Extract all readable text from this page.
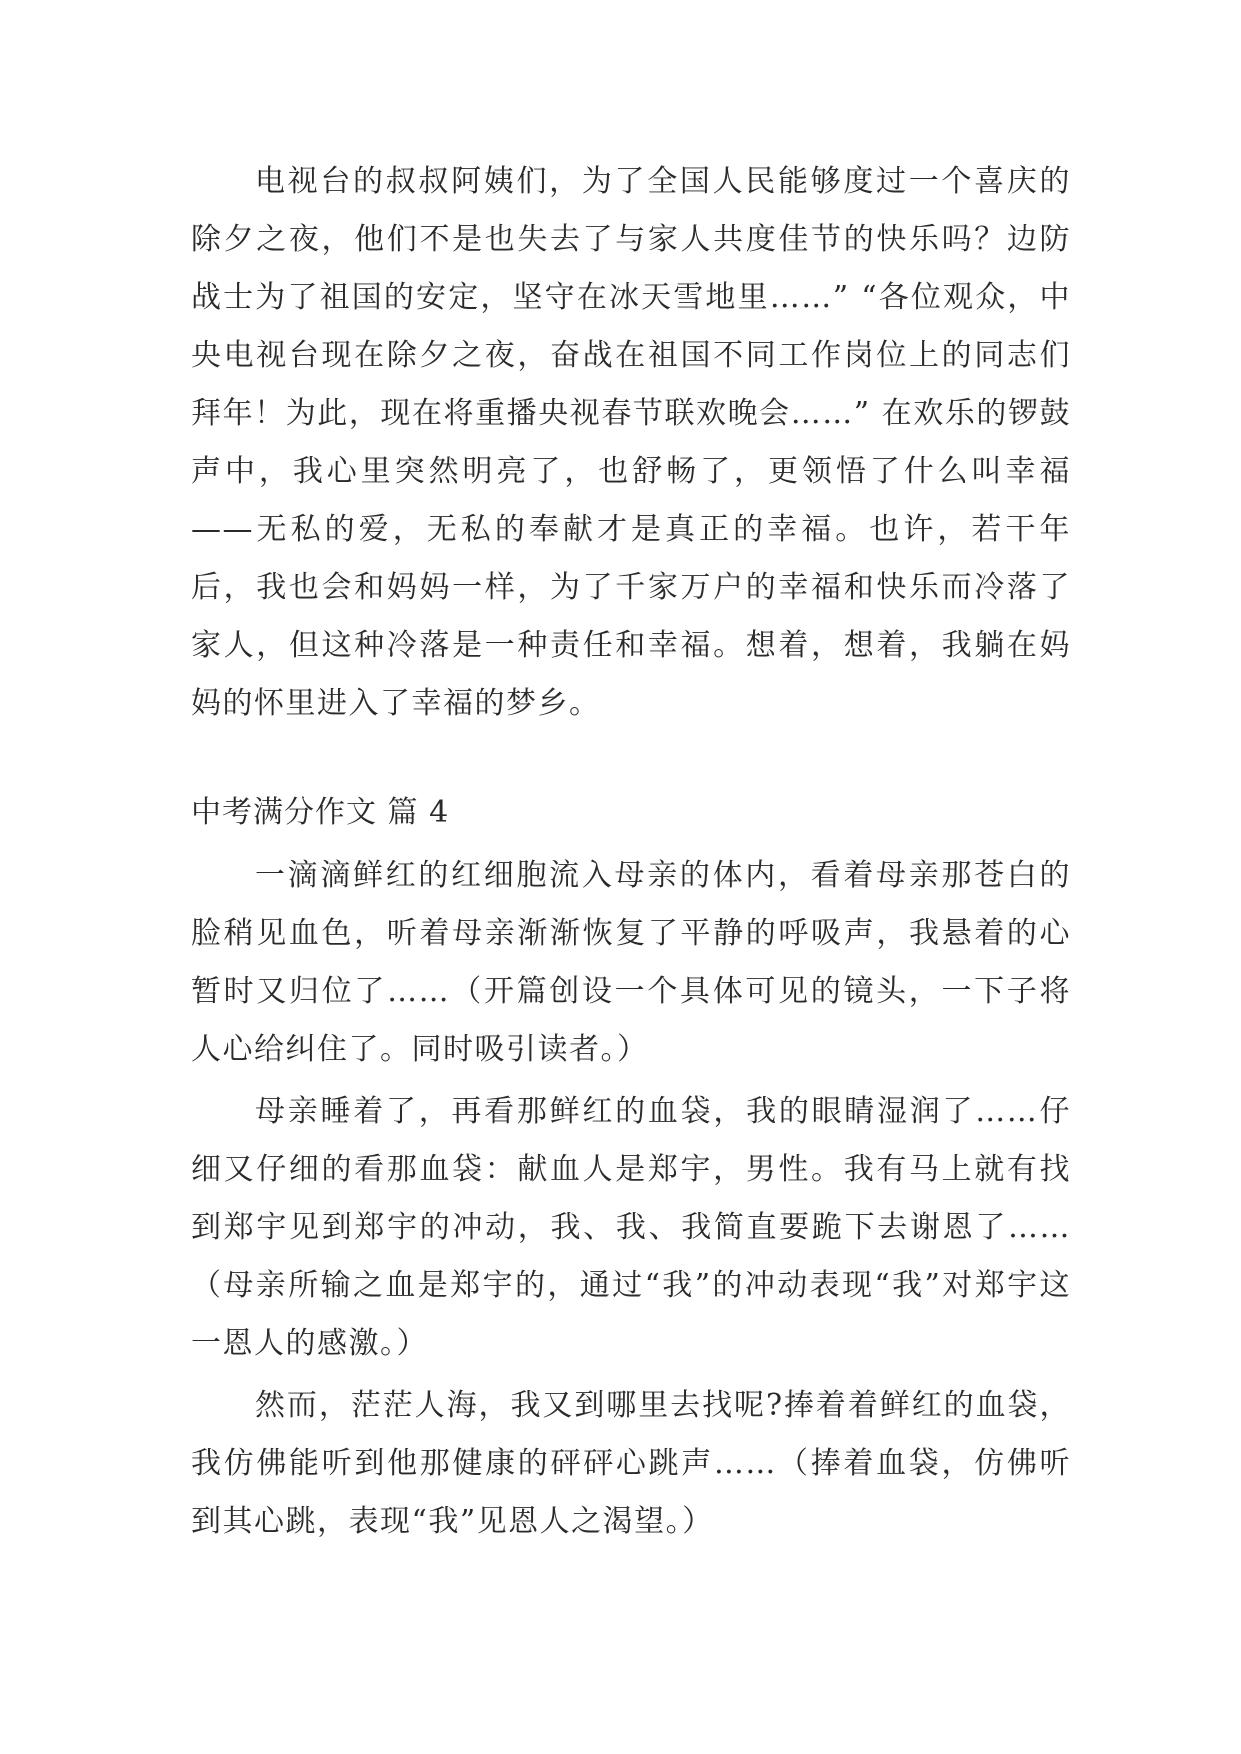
电视台的叔叔阿姨们，为了全国人民能够度过一个喜庆的除夕之夜，他们不是也失去了与家人共度佳节的快乐吗？边防战士为了祖国的安定，坚守在冰天雪地里……” “各位观众，中央电视台现在除夕之夜，奋战在祖国不同工作岗位上的同志们拜年！为此，现在将重播央视春节联欢晚会……” 在欢乐的锣鼓声中，我心里突然明亮了，也舒畅了，更领悟了什么叫幸福——无私的爱，无私的奉献才是真正的幸福。也许，若干年后，我也会和妈妈一样，为了千家万户的幸福和快乐而冷落了家人，但这种冷落是一种责任和幸福。想着，想着，我躺在妈妈的怀里进入了幸福的梦乡。

中考满分作文 篇 4

一滴滴鲜红的红细胞流入母亲的体内，看着母亲那苍白的脸稍见血色，听着母亲渐渐恢复了平静的呼吸声，我悬着的心暂时又归位了……（开篇创设一个具体可见的镜头，一下子将人心给纠住了。同时吸引读者。）

母亲睡着了，再看那鲜红的血袋，我的眼睛湿润了……仔细又仔细的看那血袋：献血人是郑宇，男性。我有马上就有找到郑宇见到郑宇的冲动，我、我、我简直要跪下去谢恩了……（母亲所输之血是郑宇的，通过“我”的冲动表现“我”对郑宇这一恩人的感激。）

然而，茫茫人海，我又到哪里去找呢?捧着着鲜红的血袋，我仿佛能听到他那健康的砰砰心跳声……（捧着血袋，仿佛听到其心跳，表现“我”见恩人之渴望。）
